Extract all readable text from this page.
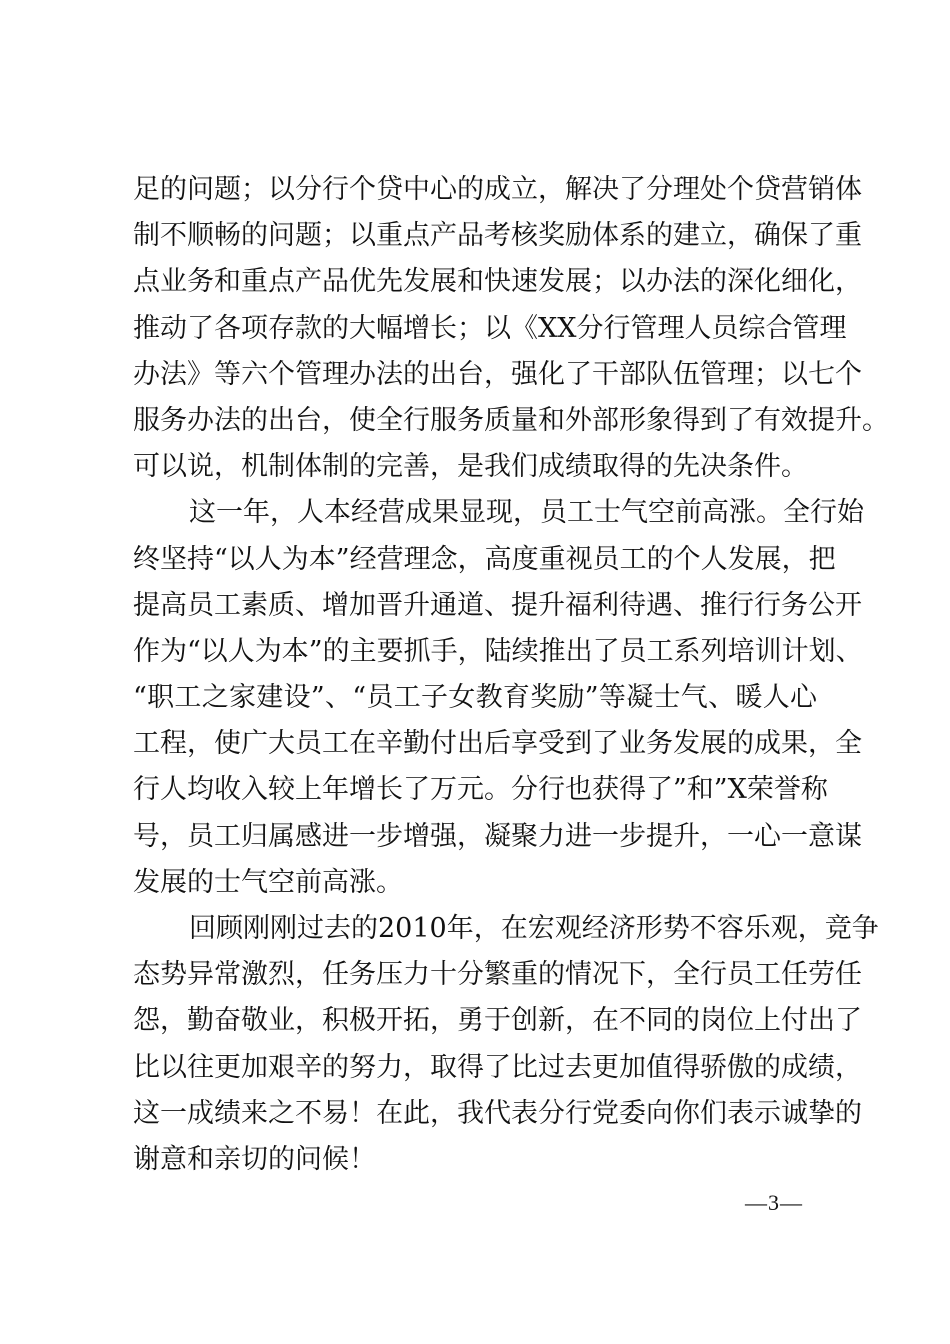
足的问题；以分行个贷中心的成立，解决了分理处个贷营销体
制不顺畅的问题；以重点产品考核奖励体系的建立，确保了重
点业务和重点产品优先发展和快速发展；以办法的深化细化，
推动了各项存款的大幅增长；以《XX分行管理人员综合管理
办法》等六个管理办法的出台，强化了干部队伍管理；以七个
服务办法的出台，使全行服务质量和外部形象得到了有效提升。
可以说，机制体制的完善，是我们成绩取得的先决条件。
这一年，人本经营成果显现，员工士气空前高涨。全行始
终坚持“以人为本”经营理念，高度重视员工的个人发展，把
提高员工素质、增加晋升通道、提升福利待遇、推行行务公开
作为“以人为本”的主要抓手，陆续推出了员工系列培训计划、
“职工之家建设”、“员工子女教育奖励”等凝士气、暖人心
工程，使广大员工在辛勤付出后享受到了业务发展的成果，全
行人均收入较上年增长了万元。分行也获得了”和”X荣誉称
号，员工归属感进一步增强，凝聚力进一步提升，一心一意谋
发展的士气空前高涨。
回顾刚刚过去的2010年，在宏观经济形势不容乐观，竞争
态势异常激烈，任务压力十分繁重的情况下，全行员工任劳任
怨，勤奋敬业，积极开拓，勇于创新，在不同的岗位上付出了
比以往更加艰辛的努力，取得了比过去更加值得骄傲的成绩，
这一成绩来之不易！在此，我代表分行党委向你们表示诚挚的
谢意和亲切的问候！
—3—
